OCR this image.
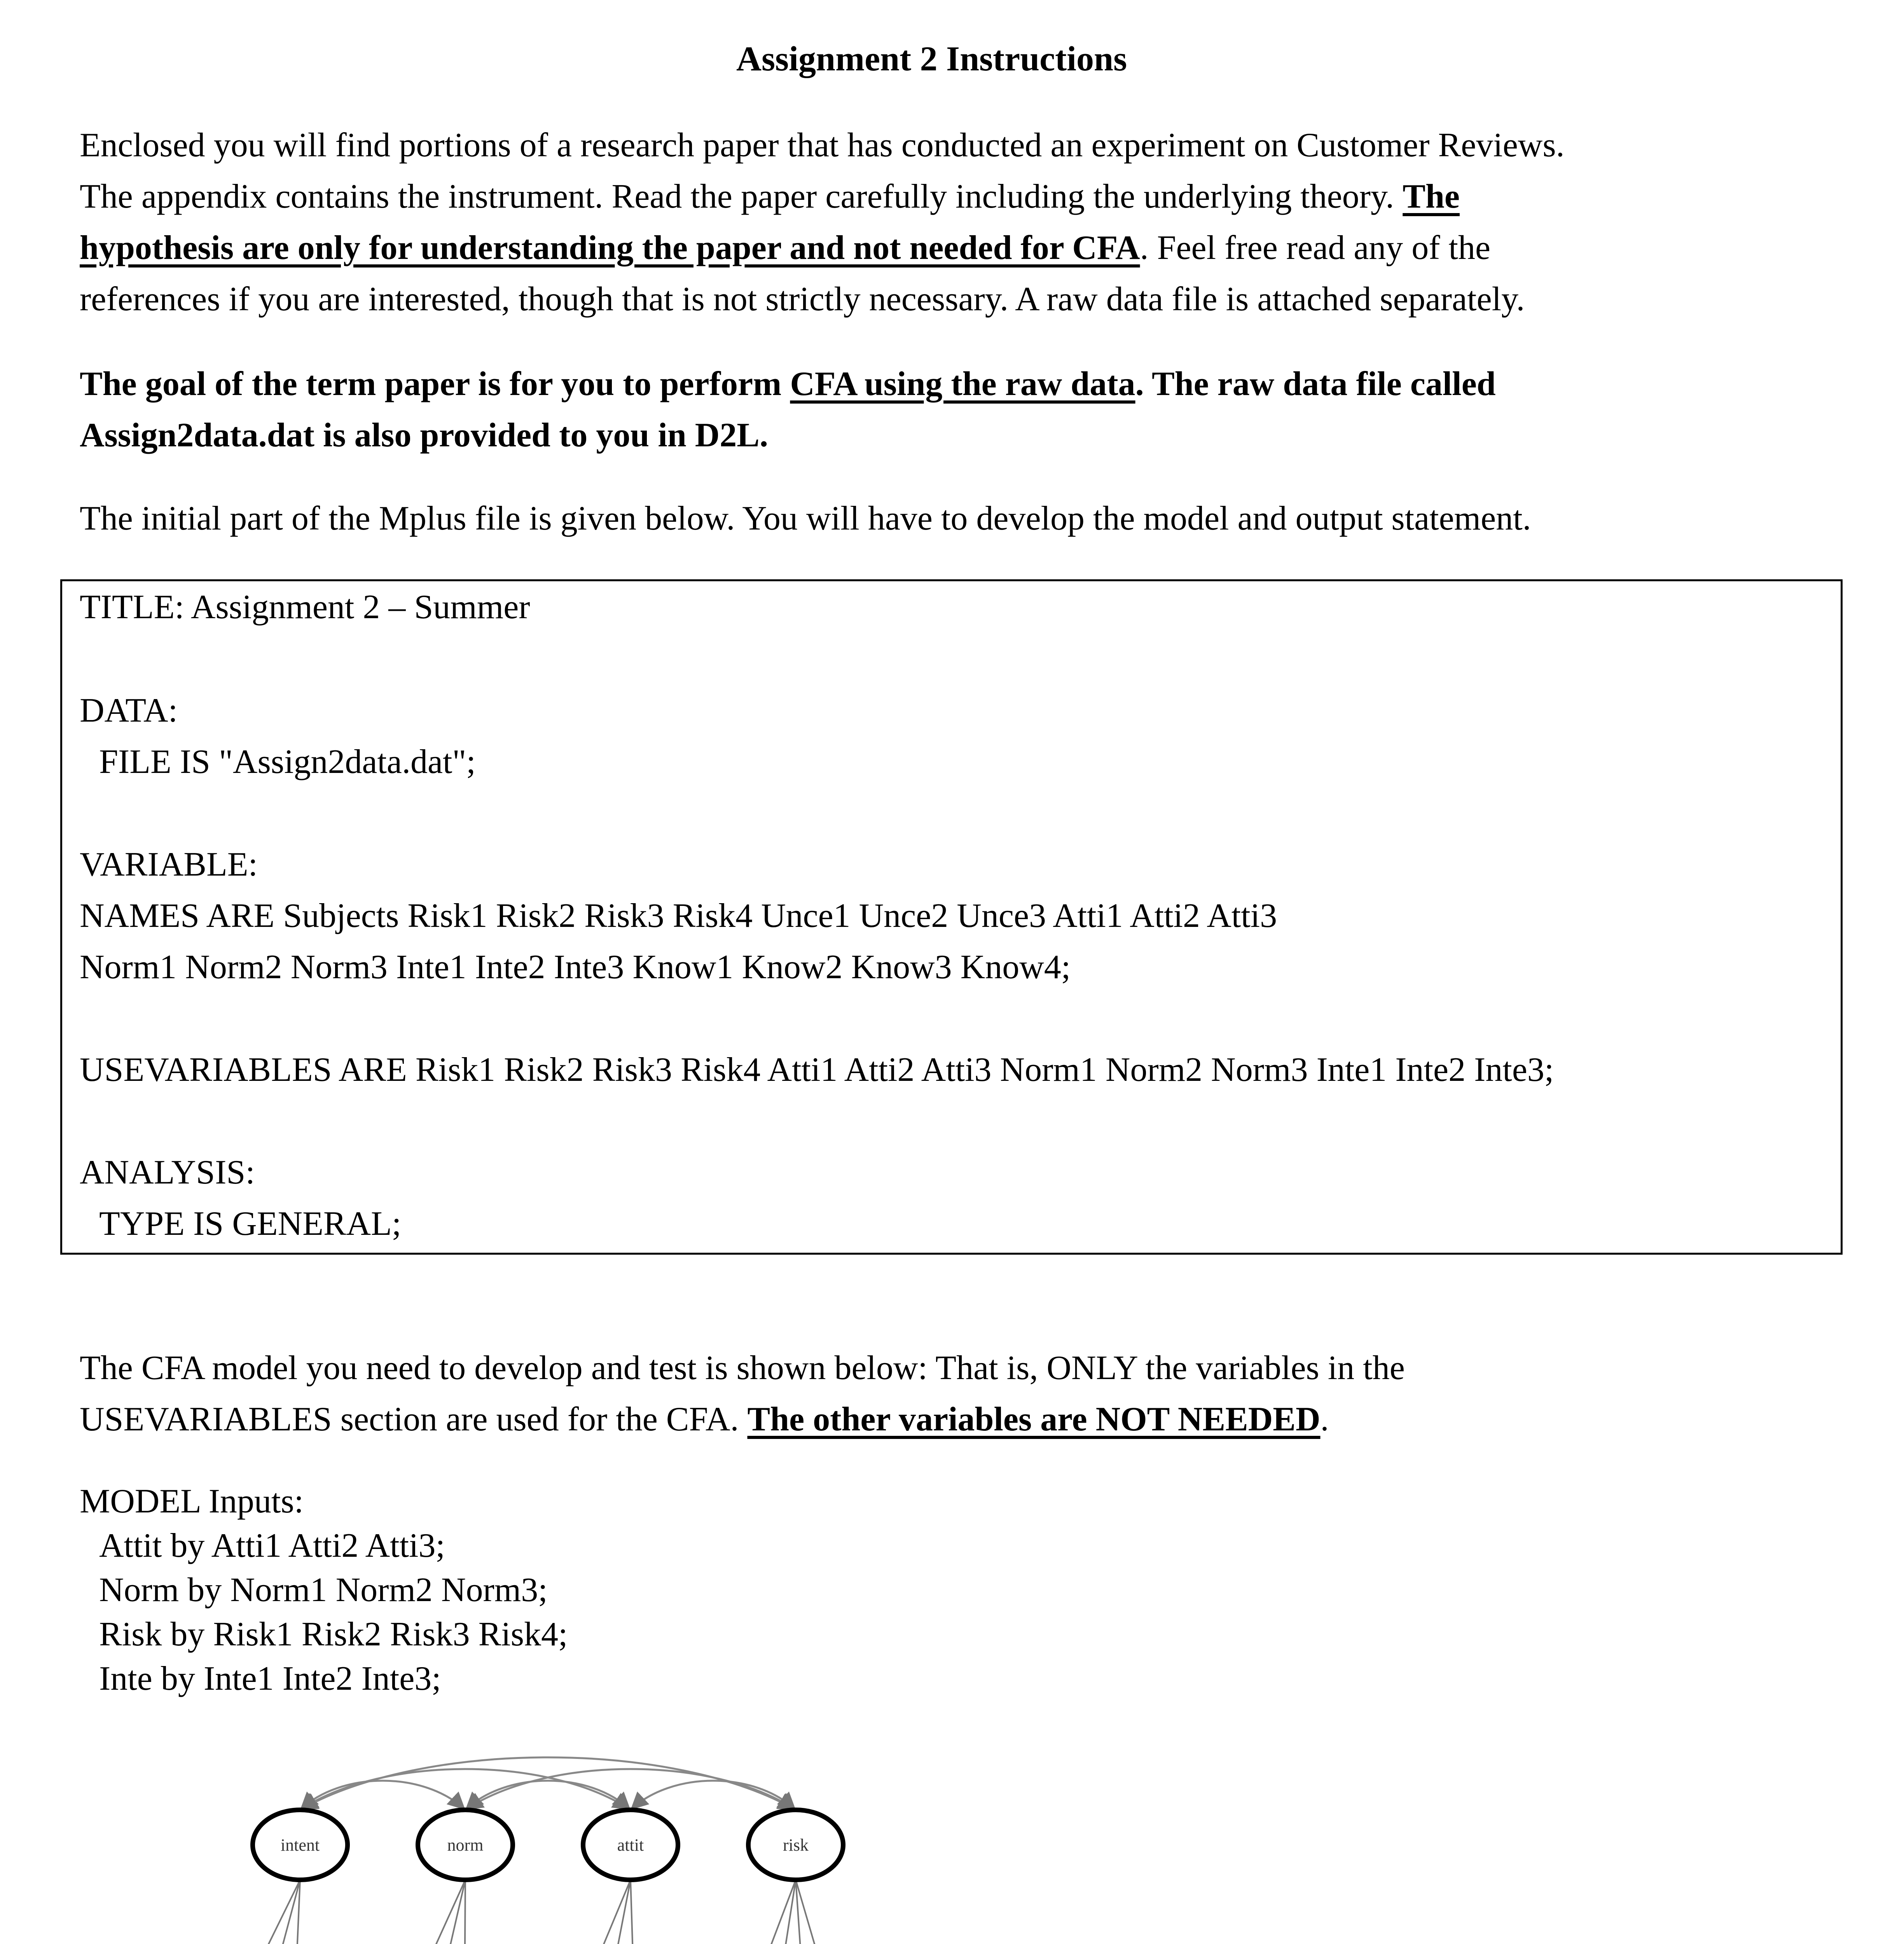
Assignment 2 Instructions

Enclosed you will find portions of a research paper that has conducted an experiment on Customer Reviews.

The appendix contains the instrument. Read the paper carefully including the underlying theory. The

hypothesis are only for understanding the paper and not needed for CFA. Feel free read any of the

references if you are interested, though that is not strictly necessary. A raw data file is attached separately.

The goal of the term paper is for you to perform CFA using the raw data. The raw data file called

Assign2data.dat is also provided to you in D2L.

The initial part of the Mplus file is given below. You will have to develop the model and output statement.

TITLE: Assignment 2 – Summer

DATA:

FILE IS "Assign2data.dat";

VARIABLE:

NAMES ARE Subjects Risk1 Risk2 Risk3 Risk4 Unce1 Unce2 Unce3 Atti1 Atti2 Atti3

Norm1 Norm2 Norm3 Inte1 Inte2 Inte3 Know1 Know2 Know3 Know4;

USEVARIABLES ARE Risk1 Risk2 Risk3 Risk4 Atti1 Atti2 Atti3 Norm1 Norm2 Norm3 Inte1 Inte2 Inte3;

ANALYSIS:

TYPE IS GENERAL;

The CFA model you need to develop and test is shown below: That is, ONLY the variables in the

USEVARIABLES section are used for the CFA. The other variables are NOT NEEDED.

MODEL Inputs:

Attit by Atti1 Atti2 Atti3;

Norm by Norm1 Norm2 Norm3;

Risk by Risk1 Risk2 Risk3 Risk4;

Inte by Inte1 Inte2 Inte3;

intent	norm	attit	risk
